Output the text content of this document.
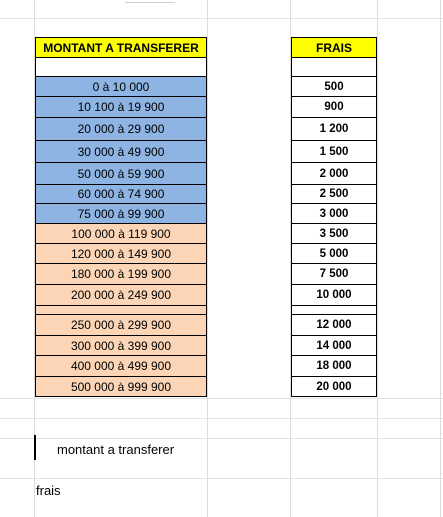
MONTANT A TRANSFERER	FRAIS
0 à 10 000	500
10 100 à 19 900	900
20 000 à 29 900	1 200
30 000 à 49 900	1 500
50 000 à 59 900	2 000
60 000 à 74 900	2 500
75 000 à 99 900	3 000
100 000 à 119 900	3 500
120 000 à 149 900	5 000
180 000 à 199 900	7 500
200 000 à 249 900	10 000
250 000 à 299 900	12 000
300 000 à 399 900	14 000
400 000 à 499 900	18 000
500 000 à 999 900	20 000
montant a transferer
frais
